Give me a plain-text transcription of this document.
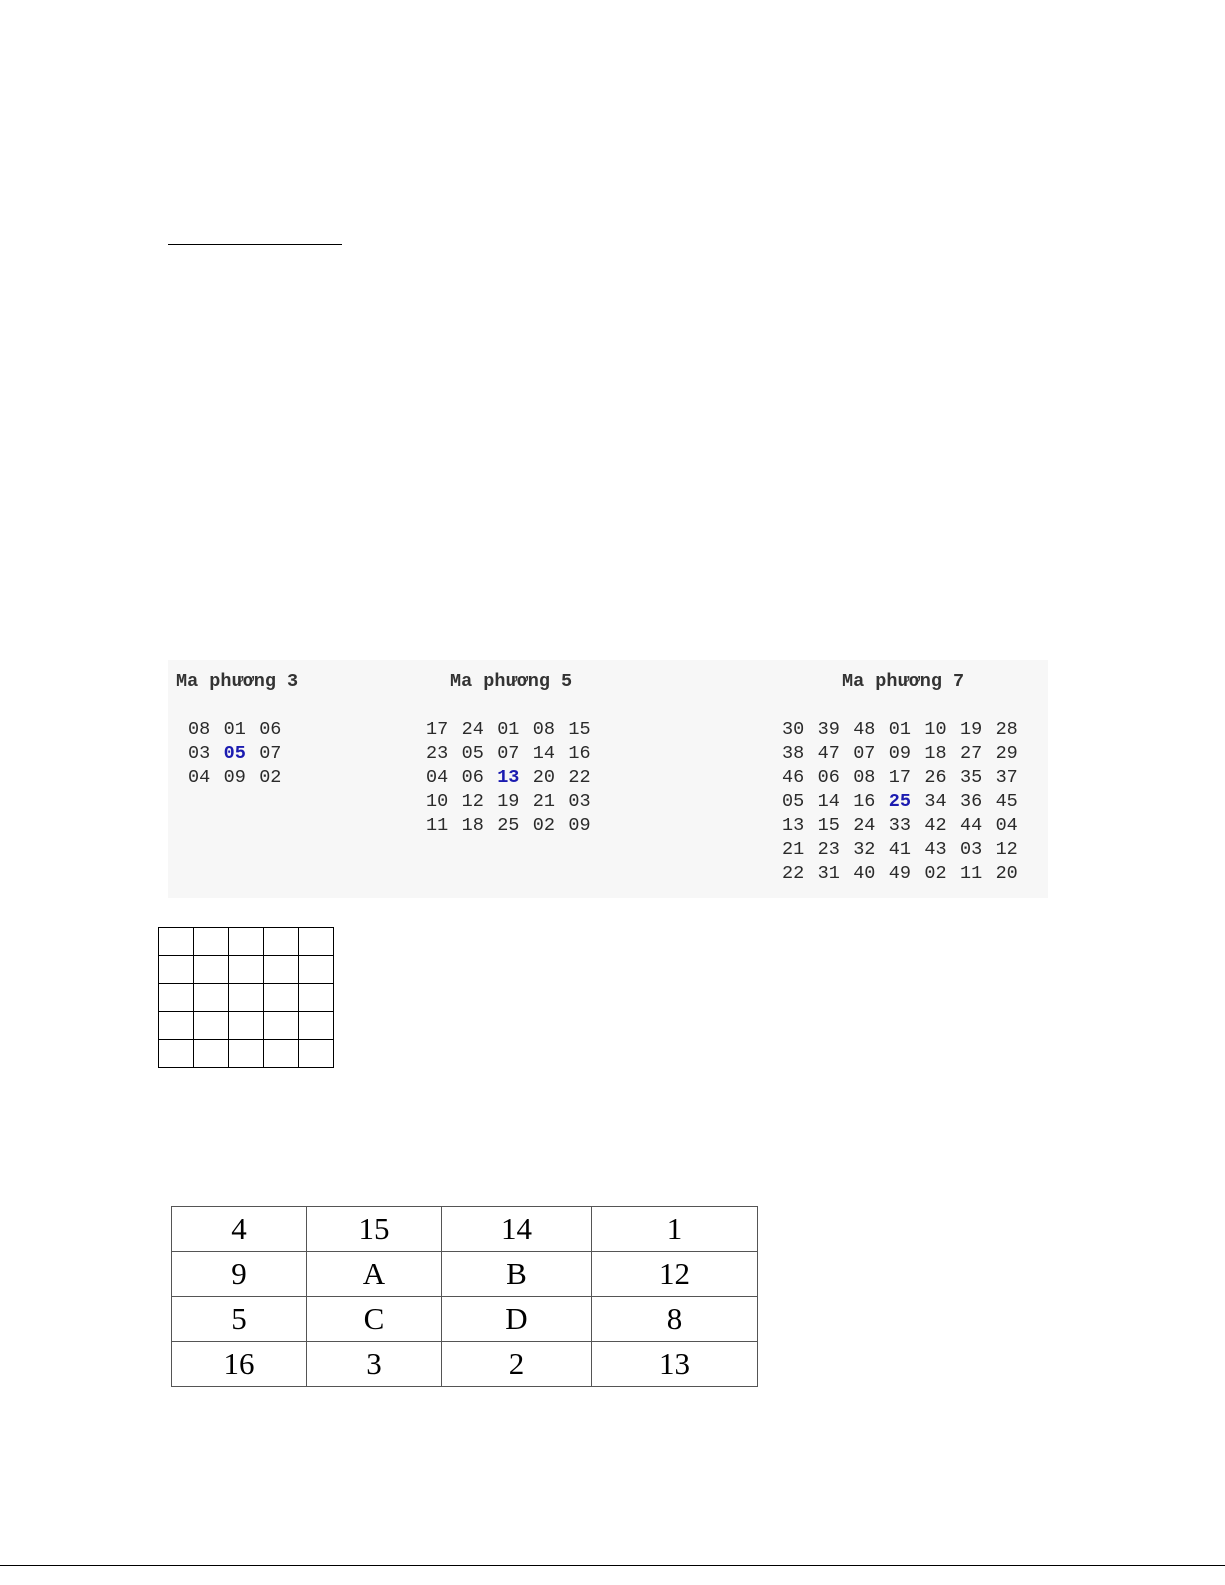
Ma phương 3
08 01 06
03 05 07
04 09 02
Ma phương 5
17 24 01 08 15
23 05 07 14 16
04 06 13 20 22
10 12 19 21 03
11 18 25 02 09
Ma phương 7
30 39 48 01 10 19 28
38 47 07 09 18 27 29
46 06 08 17 26 35 37
05 14 16 25 34 36 45
13 15 24 33 42 44 04
21 23 32 41 43 03 12
22 31 40 49 02 11 20

4	15	14	1
9	A	B	12
5	C	D	8
16	3	2	13
